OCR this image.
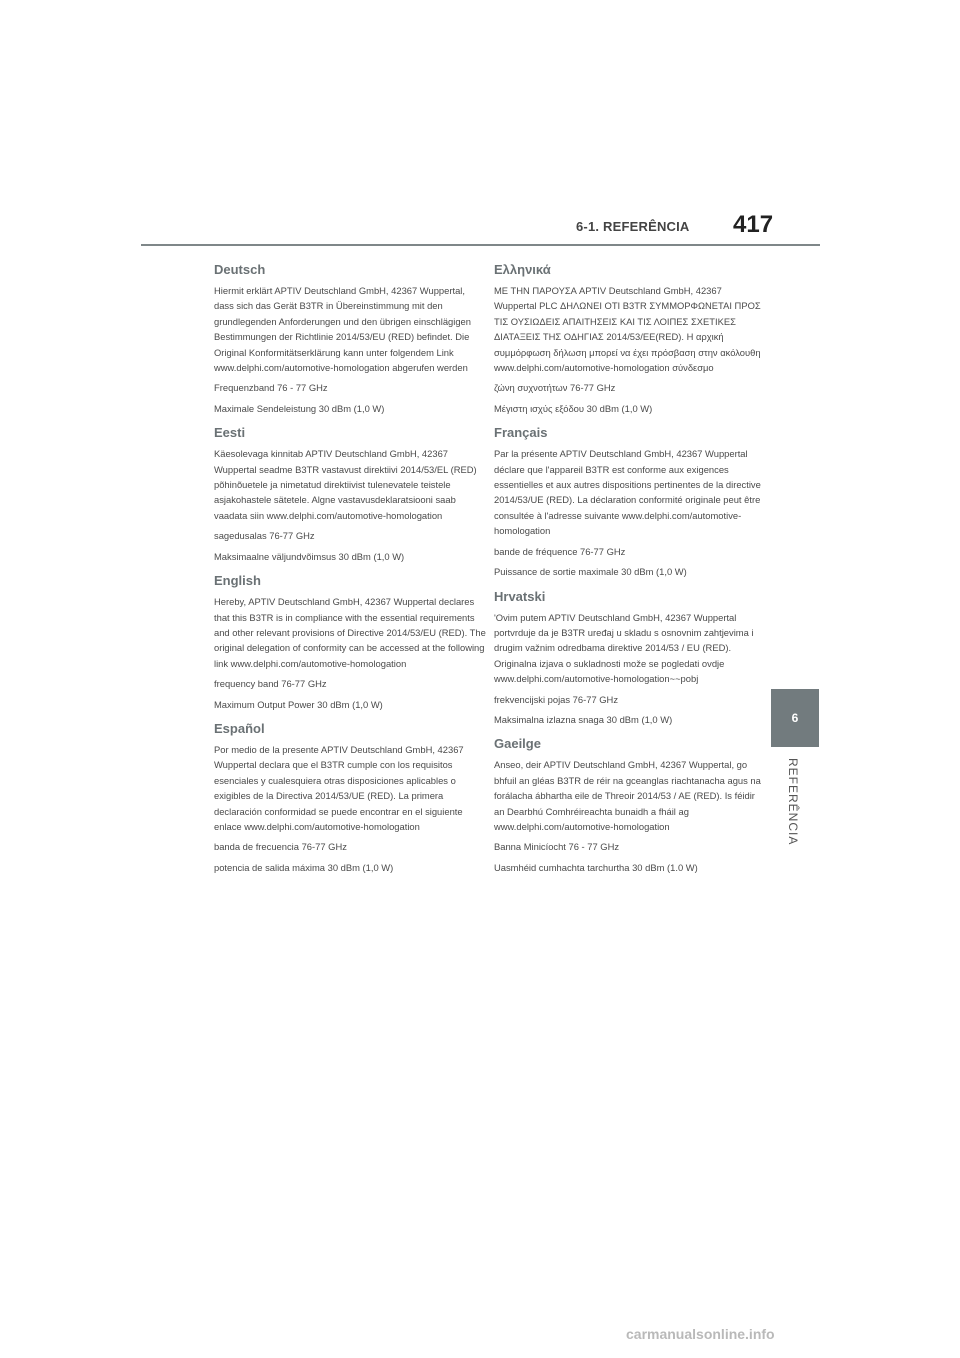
6-1. REFERÊNCIA 417
6
REFERÊNCIA
Deutsch

Hiermit erklärt APTIV Deutschland GmbH, 42367 Wuppertal, dass sich das Gerät B3TR in Übereinstimmung mit den grundlegenden Anforderungen und den übrigen einschlägigen Bestimmungen der Richtlinie 2014/53/EU (RED) befindet. Die Original Konformitätserklärung kann unter folgendem Link www.delphi.com/automotive-homologation abgerufen werden

Frequenzband 76 - 77 GHz

Maximale Sendeleistung 30 dBm (1,0 W)

Eesti

Käesolevaga kinnitab APTIV Deutschland GmbH, 42367 Wuppertal seadme B3TR vastavust direktiivi 2014/53/EL (RED) põhinõuetele ja nimetatud direktiivist tulenevatele teistele asjakohastele sätetele. Algne vastavusdeklaratsiooni saab vaadata siin www.delphi.com/automotive-homologation

sagedusalas 76-77 GHz

Maksimaalne väljundvõimsus 30 dBm (1,0 W)

English

Hereby, APTIV Deutschland GmbH, 42367 Wuppertal declares that this B3TR is in compliance with the essential requirements and other relevant provisions of Directive 2014/53/EU (RED). The original delegation of conformity can be accessed at the following link www.delphi.com/automotive-homologation

frequency band 76-77 GHz

Maximum Output Power 30 dBm (1,0 W)

Español

Por medio de la presente APTIV Deutschland GmbH, 42367 Wuppertal declara que el B3TR cumple con los requisitos esenciales y cualesquiera otras disposiciones aplicables o exigibles de la Directiva 2014/53/UE (RED). La primera declaración conformidad se puede encontrar en el siguiente enlace www.delphi.com/automotive-homologation

banda de frecuencia 76-77 GHz

potencia de salida máxima 30 dBm (1,0 W)

Ελληνικά

ΜΕ ΤΗΝ ΠΑΡΟΥΣΑ APTIV Deutschland GmbH, 42367 Wuppertal PLC ΔΗΛΩΝΕΙ ΟΤΙ B3TR ΣΥΜΜΟΡΦΩΝΕΤΑΙ ΠΡΟΣ ΤΙΣ ΟΥΣΙΩΔΕΙΣ ΑΠΑΙΤΗΣΕΙΣ ΚΑΙ ΤΙΣ ΛΟΙΠΕΣ ΣΧΕΤΙΚΕΣ ΔΙΑΤΑΞΕΙΣ ΤΗΣ ΟΔΗΓΙΑΣ 2014/53/ΕΕ(RED). Η αρχική συμμόρφωση δήλωση μπορεί να έχει πρόσβαση στην ακόλουθη www.delphi.com/automotive-homologation σύνδεσμο

ζώνη συχνοτήτων 76-77 GHz

Μέγιστη ισχύς εξόδου 30 dBm (1,0 W)

Français

Par la présente APTIV Deutschland GmbH, 42367 Wuppertal déclare que l'appareil B3TR est conforme aux exigences essentielles et aux autres dispositions pertinentes de la directive 2014/53/UE (RED). La déclaration conformité originale peut être consultée à l'adresse suivante www.delphi.com/automotive-homologation

bande de fréquence 76-77 GHz

Puissance de sortie maximale 30 dBm (1,0 W)

Hrvatski

'Ovim putem APTIV Deutschland GmbH, 42367 Wuppertal portvrduje da je B3TR uređaj u skladu s osnovnim zahtjevima i drugim važnim odredbama direktive 2014/53 / EU (RED). Originalna izjava o sukladnosti može se pogledati ovdje www.delphi.com/automotive-homologation~~pobj

frekvencijski pojas 76-77 GHz

Maksimalna izlazna snaga 30 dBm (1,0 W)

Gaeilge

Anseo, deir APTIV Deutschland GmbH, 42367 Wuppertal, go bhfuil an gléas B3TR de réir na gceanglas riachtanacha agus na forálacha ábhartha eile de Threoir 2014/53 / AE (RED). Is féidir an Dearbhú Comhréireachta bunaidh a fháil ag www.delphi.com/automotive-homologation

Banna Minicíocht 76 - 77 GHz

Uasmhéid cumhachta tarchurtha 30 dBm (1.0 W)

carmanualsonline.info
